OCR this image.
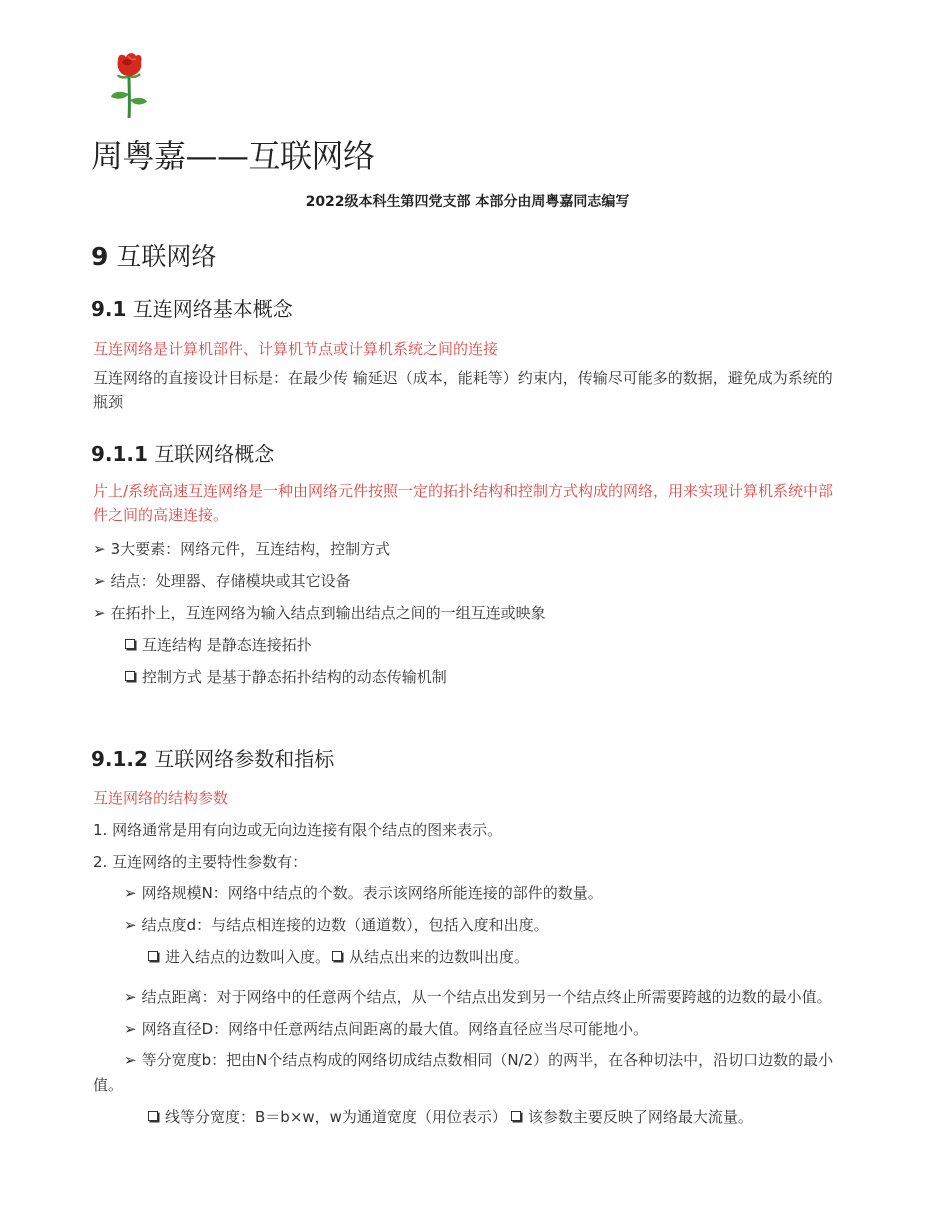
周粤嘉——互联网络
2022级本科生第四党支部 本部分由周粤嘉同志编写
9 互联网络
9.1 互连网络基本概念

互连网络是计算机部件、计算机节点或计算机系统之间的连接

互连网络的直接设计目标是：在最少传 输延迟（成本，能耗等）约束内，传输尽可能多的数据，避免成为系统的瓶颈

9.1.1 互联网络概念

片上/系统高速互连网络是一种由网络元件按照一定的拓扑结构和控制方式构成的网络，用来实现计算机系统中部件之间的高速连接。

➢ 3大要素：网络元件，互连结构，控制方式
➢ 结点：处理器、存储模块或其它设备
➢ 在拓扑上，互连网络为输入结点到输出结点之间的一组互连或映象
互连结构 是静态连接拓扑
控制方式 是基于静态拓扑结构的动态传输机制
9.1.2 互联网络参数和指标

互连网络的结构参数

1. 网络通常是用有向边或无向边连接有限个结点的图来表示。

2. 互连网络的主要特性参数有：

➢ 网络规模N：网络中结点的个数。表示该网络所能连接的部件的数量。
➢ 结点度d：与结点相连接的边数（通道数），包括入度和出度。
进入结点的边数叫入度。 从结点出来的边数叫出度。
➢ 结点距离：对于网络中的任意两个结点，从一个结点出发到另一个结点终止所需要跨越的边数的最小值。
➢ 网络直径D：网络中任意两结点间距离的最大值。网络直径应当尽可能地小。
➢ 等分宽度b：把由N个结点构成的网络切成结点数相同（N/2）的两半，在各种切法中，沿切口边数的最小
值。
线等分宽度：B＝b×w，w为通道宽度（用位表示） 该参数主要反映了网络最大流量。
